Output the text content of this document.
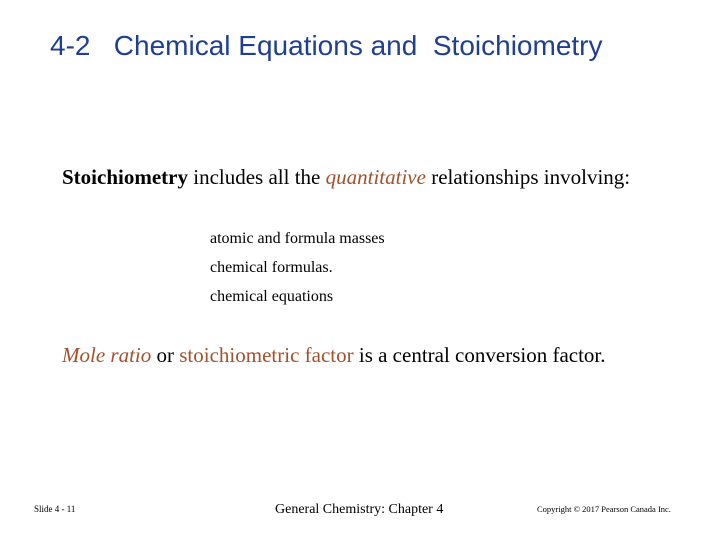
4-2   Chemical Equations and  Stoichiometry
Stoichiometry includes all the quantitative relationships involving:
atomic and formula masses
chemical formulas.
chemical equations
Mole ratio or stoichiometric factor is a central conversion factor.
Slide 4 - 11	General Chemistry: Chapter 4	Copyright © 2017 Pearson Canada Inc.
